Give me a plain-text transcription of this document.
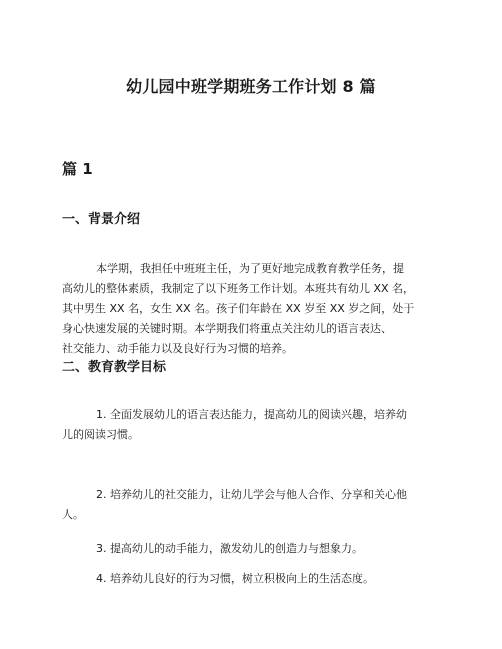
幼儿园中班学期班务工作计划 8 篇
篇 1
一、背景介绍
本学期，我担任中班班主任，为了更好地完成教育教学任务，提
高幼儿的整体素质，我制定了以下班务工作计划。本班共有幼儿 XX 名，
其中男生 XX 名，女生 XX 名。孩子们年龄在 XX 岁至 XX 岁之间，处于
身心快速发展的关键时期。本学期我们将重点关注幼儿的语言表达、
社交能力、动手能力以及良好行为习惯的培养。
二、教育教学目标
1. 全面发展幼儿的语言表达能力，提高幼儿的阅读兴趣，培养幼
儿的阅读习惯。
2. 培养幼儿的社交能力，让幼儿学会与他人合作、分享和关心他
人。
3. 提高幼儿的动手能力，激发幼儿的创造力与想象力。
4. 培养幼儿良好的行为习惯，树立积极向上的生活态度。
